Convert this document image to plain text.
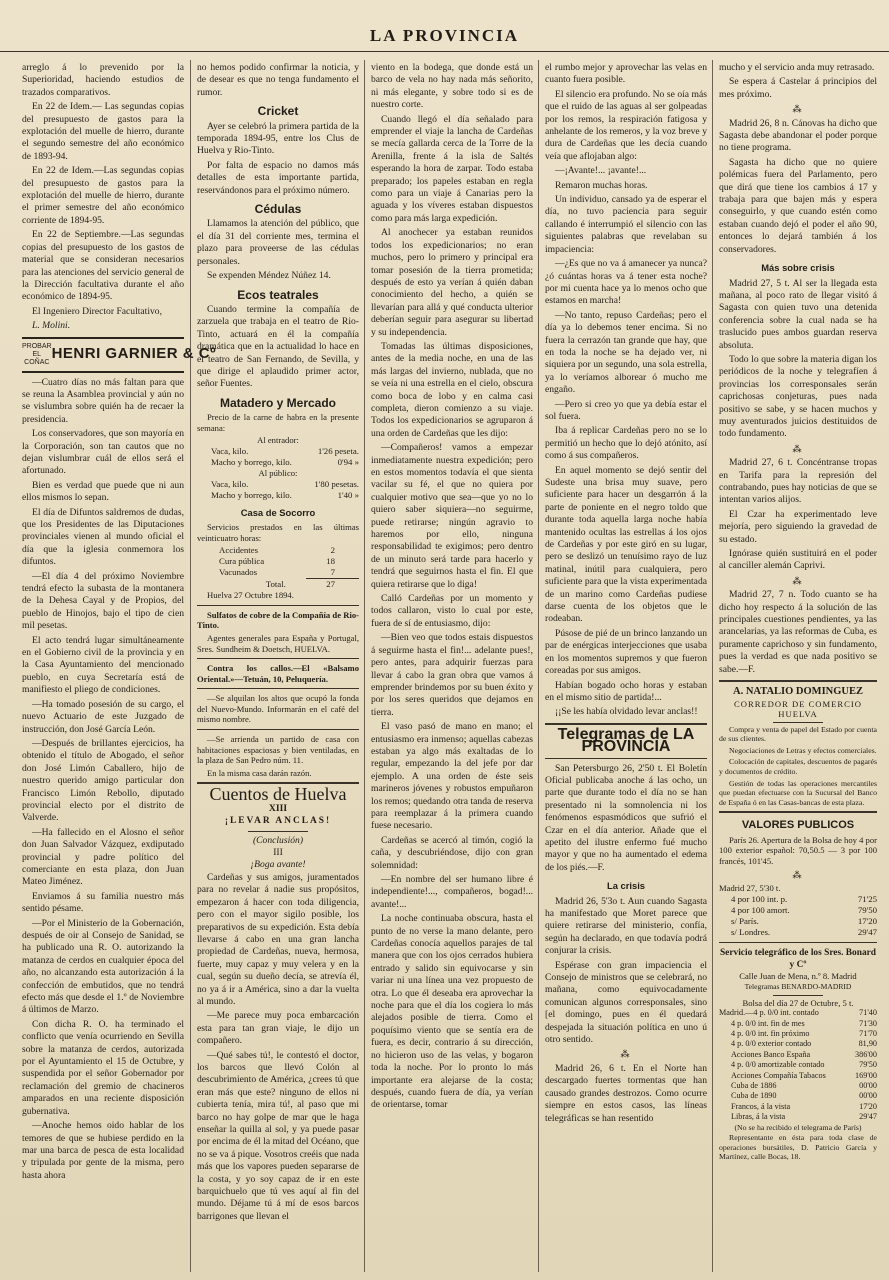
LA PROVINCIA

arreglo á lo prevenido por la Superioridad, haciendo estudios de trazados comparativos.

En 22 de Idem.— Las segundas copias del presupuesto de gastos para la explotación del muelle de hierro, durante el segundo semestre del año económico de 1893-94.

En 22 de Idem.—Las segundas copias del presupuesto de gastos para la explotación del muelle de hierro, durante el primer semestre del año económico corriente de 1894-95.

En 22 de Septiembre.—Las segundas copias del presupuesto de los gastos de material que se consideran necesarios para las atenciones del servicio general de la Dirección facultativa durante el año económico de 1894-95.

El Ingeniero Director Facultativo,

L. Molini.

PROBAR EL COÑAC HENRI GARNIER & Cº

—Cuatro días no más faltan para que se reuna la Asamblea provincial y aún no se vislumbra sobre quién ha de recaer la presidencia.

Los conservadores, que son mayoría en la Corporación, son tan cautos que no dejan vislumbrar cuál de ellos será el afortunado.

Bien es verdad que puede que ni aun ellos mismos lo sepan.

El día de Difuntos saldremos de dudas, que los Presidentes de las Diputaciones provinciales vienen al mundo oficial el día que la iglesia conmemora los difuntos.

—El día 4 del próximo Noviembre tendrá efecto la subasta de la montanera de la Dehesa Cayal y de Propios, del pueblo de Hinojos, bajo el tipo de cien mil pesetas.

El acto tendrá lugar simultáneamente en el Gobierno civil de la provincia y en la Casa Ayuntamiento del mencionado pueblo, en cuya Secretaría está de manifiesto el pliego de condiciones.

—Ha tomado posesión de su cargo, el nuevo Actuario de este Juzgado de instrucción, don José García León.

—Después de brillantes ejercicios, ha obtenido el título de Abogado, el señor don José Limón Caballero, hijo de nuestro querido amigo particular don Francisco Limón Rebollo, diputado provincial electo por el distrito de Valverde.

—Ha fallecido en el Alosno el señor don Juan Salvador Vázquez, exdiputado provincial y padre político del comerciante en esta plaza, don Juan Mateo Jiménez.

Enviamos á su familia nuestro más sentido pésame.

—Por el Ministerio de la Gobernación, después de oir al Consejo de Sanidad, se ha publicado una R. O. autorizando la matanza de cerdos en cualquier época del año, no alcanzando esta autorización á la confección de embutidos, que no tendrá efecto más que desde el 1.º de Noviembre á últimos de Marzo.

Con dicha R. O. ha terminado el conflicto que venía ocurriendo en Sevilla sobre la matanza de cerdos, autorizada por el Ayuntamiento el 15 de Octubre, y suspendida por el señor Gobernador por reclamación del gremio de chacineros amparados en una reciente disposición gubernativa.

—Anoche hemos oido hablar de los temores de que se hubiese perdido en la mar una barca de pesca de esta localidad y tripulada por gente de la misma, pero hasta ahora

no hemos podido confirmar la noticia, y de desear es que no tenga fundamento el rumor.

Cricket

Ayer se celebró la primera partida de la temporada 1894-95, entre los Clus de Huelva y Rio-Tinto.

Por falta de espacio no damos más detalles de esta importante partida, reservándonos para el próximo número.

Cédulas

Llamamos la atención del público, que el día 31 del corriente mes, termina el plazo para proveerse de las cédulas personales.

Se expenden Méndez Núñez 14.

Ecos teatrales

Cuando termine la compañía de zarzuela que trabaja en el teatro de Rio-Tinto, actuará en él la compañía dramática que en la actualidad lo hace en el teatro de San Fernando, de Sevilla, y que dirige el aplaudido primer actor, señor Fuentes.

Matadero y Mercado

Precio de la carne de habra en la presente semana:

Al entrador:
Vaca, kilo.	1'26 peseta.
Macho y borrego, kilo.	0'94 »
Al público:
Vaca, kilo.	1'80 pesetas.
Macho y borrego, kilo.	1'40 »
Casa de Socorro

Servicios prestados en las últimas veinticuatro horas:

Accidentes	2
Cura pública	18
Vacunados	7
Total.	27
Huelva 27 Octubre 1894.

Sulfatos de cobre de la Compañía de Rio-Tinto.

Agentes generales para España y Portugal, Sres. Sundheim & Doetsch, HUELVA.

Contra los callos.—El «Balsamo Oriental.»—Tetuán, 10, Peluquería.

—Se alquilan los altos que ocupó la fonda del Nuevo-Mundo. Informarán en el café del mismo nombre.

—Se arrienda un partido de casa con habitaciones espaciosas y bien ventiladas, en la plaza de San Pedro núm. 11.

En la misma casa darán razón.

Cuentos de Huelva
XIII
¡LEVAR ANCLAS!
(Conclusión)
III
¡Boga avante!

Cardeñas y sus amigos, juramentados para no revelar á nadie sus propósitos, empezaron á hacer con toda diligencia, pero con el mayor sigilo posible, los preparativos de su expedición. Esta debía llevarse á cabo en una gran lancha propiedad de Cardeñas, nueva, hermosa, fuerte, muy capaz y muy velera y en la cual, según su dueño decía, se atrevía él, no ya á ir a América, sino a dar la vuelta al mundo.

—Me parece muy poca embarcación esta para tan gran viaje, le dijo un compañero.

—Qué sabes tú!, le contestó el doctor, los barcos que llevó Colón al descubrimiento de América, ¿crees tú que eran más que este? ninguno de ellos ni cubierta tenía, mira tú!, al paso que mi barco no hay golpe de mar que le haga enseñar la quilla al sol, y ya puede pasar por encima de él la mitad del Océano, que no se va á pique. Vosotros creéis que nada más que los vapores pueden separarse de la costa, y yo soy capaz de ir en este barquichuelo que tú ves aquí al fin del mundo. Déjame tú á mí de esos barcos barrigones que llevan el

viento en la bodega, que donde está un barco de vela no hay nada más señorito, ni más elegante, y sobre todo si es de nuestro corte.

Cuando llegó el día señalado para emprender el viaje la lancha de Cardeñas se mecía gallarda cerca de la Torre de la Arenilla, frente á la isla de Saltés esperando la hora de zarpar. Todo estaba preparado; los papeles estaban en regla como para un viaje á Canarias pero la aguada y los víveres estaban dispuestos como para más larga expedición.

Al anochecer ya estaban reunidos todos los expedicionarios; no eran muchos, pero lo primero y principal era tomar posesión de la tierra prometida; después de esto ya verían á quién daban conocimiento del hecho, a quién se llevarían para allá y qué conducta ulterior deberían seguir para asegurar su libertad y su independencia.

Tomadas las últimas disposiciones, antes de la media noche, en una de las más largas del invierno, nublada, que no se veía ni una estrella en el cielo, obscura como boca de lobo y en calma casi completa, dieron comienzo a su viaje. Todos los expedicionarios se agruparon á una orden de Cardeñas que les dijo:

—Compañeros! vamos a empezar inmediatamente nuestra expedición; pero en estos momentos todavía el que sienta vacilar su fé, el que no quiera por cualquier motivo que sea—que yo no lo quiero saber siquiera—no seguirme, puede retirarse; ningún agravio to haremos por ello, ninguna responsabilidad te exigimos; pero dentro de un minuto será tarde para hacerlo y tendrá que seguirnos hasta el fin. El que quiera retirarse que lo diga!

Calló Cardeñas por un momento y todos callaron, visto lo cual por este, fuera de sí de entusiasmo, dijo:

—Bien veo que todos estais dispuestos á seguirme hasta el fin!... adelante pues!, pero antes, para adquirir fuerzas para llevar á cabo la gran obra que vamos á emprender brindemos por su buen éxito y por los seres queridos que dejamos en tierra.

El vaso pasó de mano en mano; el entusiasmo era inmenso; aquellas cabezas estaban ya algo más exaltadas de lo regular, empezando la del jefe por dar ejemplo. A una orden de éste seis marineros jóvenes y robustos empuñaron los remos; quedando otra tanda de reserva para reemplazar á la primera cuando fuese necesario.

Cardeñas se acercó al timón, cogió la caña, y descubriéndose, dijo con gran solemnidad:

—En nombre del ser humano libre é independiente!..., compañeros, bogad!... avante!...

La noche continuaba obscura, hasta el punto de no verse la mano delante, pero Cardeñas conocía aquellos parajes de tal manera que con los ojos cerrados hubiera entrado y salido sin equivocarse y sin variar ni una línea una vez propuesto de otra. Lo que él deseaba era aprovechar la noche para que el día los cogiera lo más alejados posible de tierra. Como el poquísimo viento que se sentía era de fuera, es decir, contrario á su dirección, no hicieron uso de las velas, y bogaron toda la noche. Por lo pronto lo más importante era alejarse de la costa; después, cuando fuera de día, ya verían de orientarse, tomar

el rumbo mejor y aprovechar las velas en cuanto fuera posible.

El silencio era profundo. No se oía más que el ruido de las aguas al ser golpeadas por los remos, la respiración fatigosa y anhelante de los remeros, y la voz breve y dura de Cardeñas que les decía cuando veía que aflojaban algo:

—¡Avante!... ¡avante!...

Remaron muchas horas.

Un individuo, cansado ya de esperar el día, no tuvo paciencia para seguir callando é interrumpió el silencio con las siguientes palabras que revelaban su impaciencia:

—¿Es que no va á amanecer ya nunca? ¿ó cuántas horas va á tener esta noche? por mi cuenta hace ya lo menos ocho que estamos en marcha!

—No tanto, repuso Cardeñas; pero el día ya lo debemos tener encima. Si no fuera la cerrazón tan grande que hay, que en toda la noche se ha dejado ver, ni siquiera por un segundo, una sola estrella, ya lo veríamos alborear ó mucho me engaño.

—Pero si creo yo que ya debía estar el sol fuera.

Iba á replicar Cardeñas pero no se lo permitió un hecho que lo dejó atónito, así como á sus compañeros.

En aquel momento se dejó sentir del Sudeste una brisa muy suave, pero suficiente para hacer un desgarrón á la parte de poniente en el negro toldo que durante toda aquella larga noche había mantenido ocultas las estrellas á los ojos de Cardeñas y por este giró en su lugar, pero se deslizó un tenuísimo rayo de luz matinal, inútil para cualquiera, pero suficiente para que la vista experimentada de un marino como Cardeñas pudiese darse cuenta de los objetos que le rodeaban.

Púsose de pié de un brinco lanzando un par de enérgicas interjecciones que usaba en los momentos supremos y que fueron coreadas por sus amigos.

Habían bogado ocho horas y estaban en el mismo sitio de partida!...

¡¡Se les había olvidado levar anclas!!

Telegramas de LA PROVINCIA

San Petersburgo 26, 2'50 t. El Boletín Oficial publicaba anoche á las ocho, un parte que durante todo el día no se han presentado ni la somnolencia ni los fenómenos espasmódicos que sufrió el Czar en el día anterior. Añade que el apetito del ilustre enfermo fué mucho mayor y que no ha aumentado el edema de los piés.—F.

La crisis

Madrid 26, 5'3o t. Aun cuando Sagasta ha manifestado que Moret parece que quiere retirarse del ministerio, confía, según ha declarado, en que todavía podrá conjurar la crisis.

Espérase con gran impaciencia el Consejo de ministros que se celebrará, no mañana, como equivocadamente comunican algunos corresponsales, sino [el domingo, pues en él quedará despejada la situación política en uno ú otro sentido.

⁂

Madrid 26, 6 t. En el Norte han descargado fuertes tormentas que han causado grandes destrozos. Como ocurre siempre en estos casos, las líneas telegráficas se han resentido

mucho y el servicio anda muy retrasado.

Se espera á Castelar á principios del mes próximo.

⁂

Madrid 26, 8 n. Cánovas ha dicho que Sagasta debe abandonar el poder porque no tiene programa.

Sagasta ha dicho que no quiere polémicas fuera del Parlamento, pero que dirá que tiene los cambios á 17 y trabaja para que bajen más y espera conseguirlo, y que cuando estén como estaban cuando dejó el poder el año 90, entonces lo dejará también á los conservadores.

Más sobre crisis

Madrid 27, 5 t. Al ser la llegada esta mañana, al poco rato de llegar visitó á Sagasta con quien tuvo una detenida conferencia sobre la cual nada se ha traslucido pues ambos guardan reserva absoluta.

Todo lo que sobre la materia digan los periódicos de la noche y telegrafíen á provincias los corresponsales serán caprichosas conjeturas, pues nada positivo se sabe, y se hacen muchos y muy aventurados juicios destituidos de todo fundamento.

⁂

Madrid 27, 6 t. Concéntranse tropas en Tarifa para la represión del contrabando, pues hay noticias de que se intentan varios alijos.

El Czar ha experimentado leve mejoría, pero siguiendo la gravedad de su estado.

Ignórase quién sustituirá en el poder al canciller alemán Caprivi.

⁂

Madrid 27, 7 n. Todo cuanto se ha dicho hoy respecto á la solución de las principales cuestiones pendientes, ya las arancelarias, ya las reformas de Cuba, es puramente caprichoso y sin fundamento, pues la verdad es que nada positivo se sabe.—F.

A. NATALIO DOMINGUEZ
CORREDOR DE COMERCIO
HUELVA

Compra y venta de papel del Estado por cuenta de sus clientes.

Negociaciones de Letras y efectos comerciales.

Colocación de capitales, descuentos de pagarés y documentos de crédito.

Gestión de todas las operaciones mercantiles que puedan efectuarse con la Sucursal del Banco de España ó en las Casas-bancas de esta plaza.

VALORES PUBLICOS

París 26. Apertura de la Bolsa de hoy 4 por 100 exterior español: 70,50.5 — 3 por 100 francés, 101'45.

⁂
Madrid 27, 5'30 t.
4 por 100 int. p.	71'25
4 por 100 amort.	79'50
s/ París.	17'20
s/ Londres.	29'47
Servicio telegráfico de los Sres. Bonard y Cº
Calle Juan de Mena, n.º 8. Madrid
Telegramas BENARDO-MADRID
Bolsa del día 27 de Octubre, 5 t.
Madrid.—4 p. 0/0 int. contado	71'40
4 p. 0/0 int. fin de mes	71'30
4 p. 0/0 int. fin próximo	71'70
4 p. 0/0 exterior contado	81,90
Acciones Banco España	386'00
4 p. 0/0 amortizable contado	79'50
Acciones Compañía Tabacos	169'00
Cuba de 1886	00'00
Cuba de 1890	00'00
Francos, á la vista	17'20
Libras, á la vista	29'47
(No se ha recibido el telegrama de París)

Representante en ésta para toda clase de operaciones bursátiles, D. Patricio García y Martínez, calle Bocas, 18.
